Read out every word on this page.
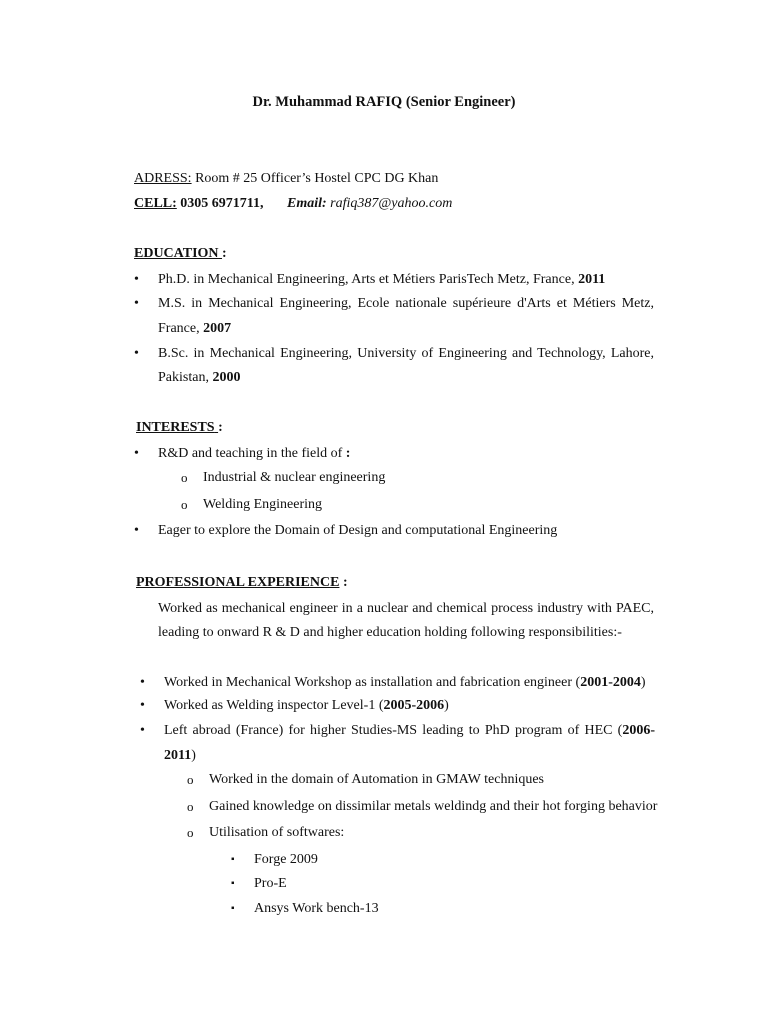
Dr. Muhammad RAFIQ (Senior Engineer)
ADRESS: Room # 25 Officer’s Hostel CPC DG Khan
CELL: 0305 6971711, Email: rafiq387@yahoo.com
EDUCATION :
• Ph.D. in Mechanical Engineering, Arts et Métiers ParisTech Metz, France, 2011
• M.S. in Mechanical Engineering, Ecole nationale supérieure d'Arts et Métiers Metz,
France, 2007
• B.Sc. in Mechanical Engineering, University of Engineering and Technology, Lahore,
Pakistan, 2000
INTERESTS :
• R&D and teaching in the field of :
o Industrial & nuclear engineering
o Welding Engineering
• Eager to explore the Domain of Design and computational Engineering
PROFESSIONAL EXPERIENCE :
Worked as mechanical engineer in a nuclear and chemical process industry with PAEC,
leading to onward R & D and higher education holding following responsibilities:-
• Worked in Mechanical Workshop as installation and fabrication engineer (2001-2004)
• Worked as Welding inspector Level-1 (2005-2006)
• Left abroad (France) for higher Studies-MS leading to PhD program of HEC (2006-
2011)
o Worked in the domain of Automation in GMAW techniques
o Gained knowledge on dissimilar metals weldindg and their hot forging behavior
o Utilisation of softwares:
▪ Forge 2009
▪ Pro-E
▪ Ansys Work bench-13
